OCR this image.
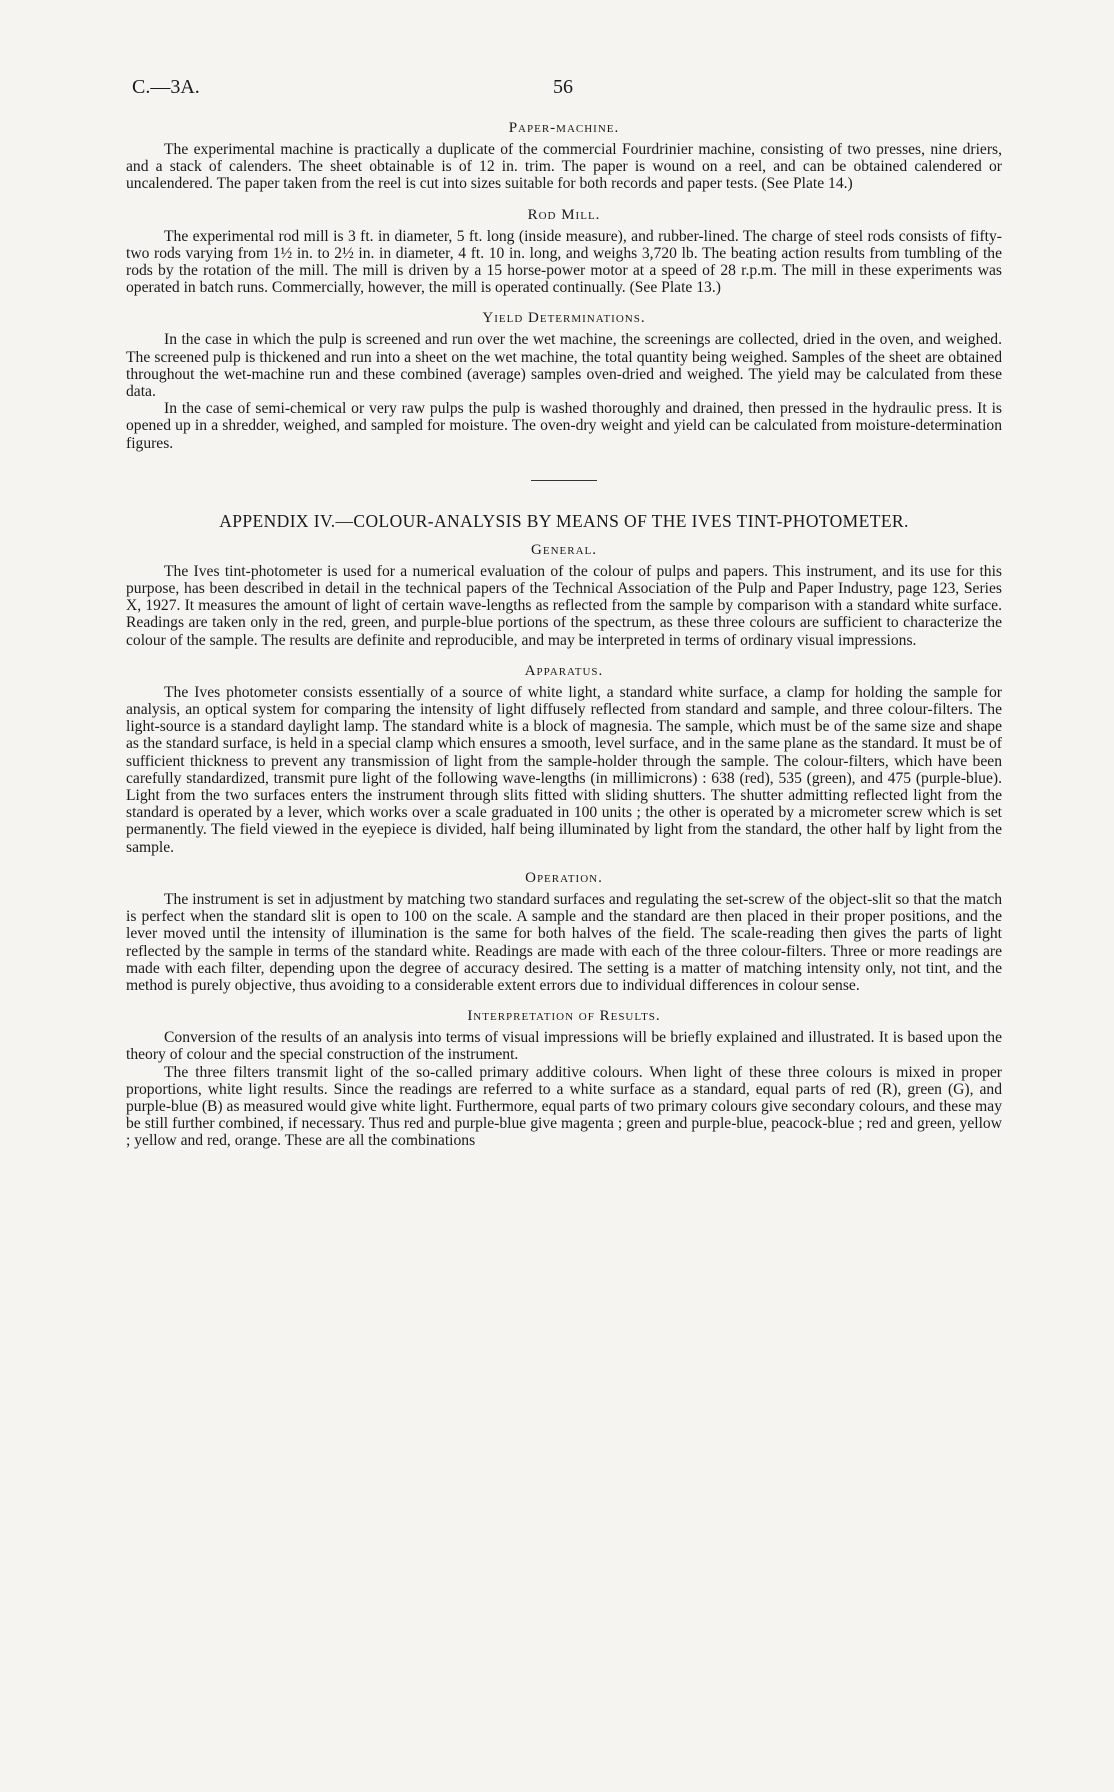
C.—3A.	56
Paper-machine.

The experimental machine is practically a duplicate of the commercial Fourdrinier machine, consisting of two presses, nine driers, and a stack of calenders. The sheet obtainable is of 12 in. trim. The paper is wound on a reel, and can be obtained calendered or uncalendered. The paper taken from the reel is cut into sizes suitable for both records and paper tests. (See Plate 14.)

Rod Mill.

The experimental rod mill is 3 ft. in diameter, 5 ft. long (inside measure), and rubber-lined. The charge of steel rods consists of fifty-two rods varying from 1½ in. to 2½ in. in diameter, 4 ft. 10 in. long, and weighs 3,720 lb. The beating action results from tumbling of the rods by the rotation of the mill. The mill is driven by a 15 horse-power motor at a speed of 28 r.p.m. The mill in these experiments was operated in batch runs. Commercially, however, the mill is operated continually. (See Plate 13.)

Yield Determinations.

In the case in which the pulp is screened and run over the wet machine, the screenings are collected, dried in the oven, and weighed. The screened pulp is thickened and run into a sheet on the wet machine, the total quantity being weighed. Samples of the sheet are obtained throughout the wet-machine run and these combined (average) samples oven-dried and weighed. The yield may be calculated from these data.

In the case of semi-chemical or very raw pulps the pulp is washed thoroughly and drained, then pressed in the hydraulic press. It is opened up in a shredder, weighed, and sampled for moisture. The oven-dry weight and yield can be calculated from moisture-determination figures.

APPENDIX IV.—COLOUR-ANALYSIS BY MEANS OF THE IVES TINT-PHOTOMETER.
General.

The Ives tint-photometer is used for a numerical evaluation of the colour of pulps and papers. This instrument, and its use for this purpose, has been described in detail in the technical papers of the Technical Association of the Pulp and Paper Industry, page 123, Series X, 1927. It measures the amount of light of certain wave-lengths as reflected from the sample by comparison with a standard white surface. Readings are taken only in the red, green, and purple-blue portions of the spectrum, as these three colours are sufficient to characterize the colour of the sample. The results are definite and reproducible, and may be interpreted in terms of ordinary visual impressions.

Apparatus.

The Ives photometer consists essentially of a source of white light, a standard white surface, a clamp for holding the sample for analysis, an optical system for comparing the intensity of light diffusely reflected from standard and sample, and three colour-filters. The light-source is a standard daylight lamp. The standard white is a block of magnesia. The sample, which must be of the same size and shape as the standard surface, is held in a special clamp which ensures a smooth, level surface, and in the same plane as the standard. It must be of sufficient thickness to prevent any transmission of light from the sample-holder through the sample. The colour-filters, which have been carefully standardized, transmit pure light of the following wave-lengths (in millimicrons) : 638 (red), 535 (green), and 475 (purple-blue). Light from the two surfaces enters the instrument through slits fitted with sliding shutters. The shutter admitting reflected light from the standard is operated by a lever, which works over a scale graduated in 100 units ; the other is operated by a micrometer screw which is set permanently. The field viewed in the eyepiece is divided, half being illuminated by light from the standard, the other half by light from the sample.

Operation.

The instrument is set in adjustment by matching two standard surfaces and regulating the set-screw of the object-slit so that the match is perfect when the standard slit is open to 100 on the scale. A sample and the standard are then placed in their proper positions, and the lever moved until the intensity of illumination is the same for both halves of the field. The scale-reading then gives the parts of light reflected by the sample in terms of the standard white. Readings are made with each of the three colour-filters. Three or more readings are made with each filter, depending upon the degree of accuracy desired. The setting is a matter of matching intensity only, not tint, and the method is purely objective, thus avoiding to a considerable extent errors due to individual differences in colour sense.

Interpretation of Results.

Conversion of the results of an analysis into terms of visual impressions will be briefly explained and illustrated. It is based upon the theory of colour and the special construction of the instrument.

The three filters transmit light of the so-called primary additive colours. When light of these three colours is mixed in proper proportions, white light results. Since the readings are referred to a white surface as a standard, equal parts of red (R), green (G), and purple-blue (B) as measured would give white light. Furthermore, equal parts of two primary colours give secondary colours, and these may be still further combined, if necessary. Thus red and purple-blue give magenta ; green and purple-blue, peacock-blue ; red and green, yellow ; yellow and red, orange. These are all the combinations
